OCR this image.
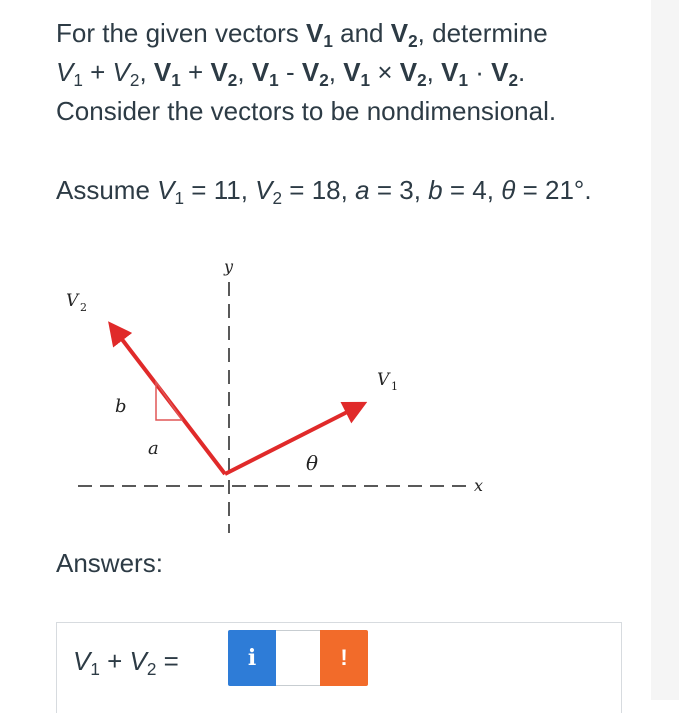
For the given vectors $V_1$ and $V_2$, determine
$V_1 + V_2$, $V_1 + V_2$, $V_1 - V_2$, $V_1 \times V_2$, $V_1 \cdot V_2$.
Consider the vectors to be nondimensional.
Assume $V_1 = 11$, $V_2 = 18$, a = 3, b = 4, θ = 21°.
y
x
b
a
θ
V 2
V 1
Answers:
$V_1 + V_2$ =	i	!
